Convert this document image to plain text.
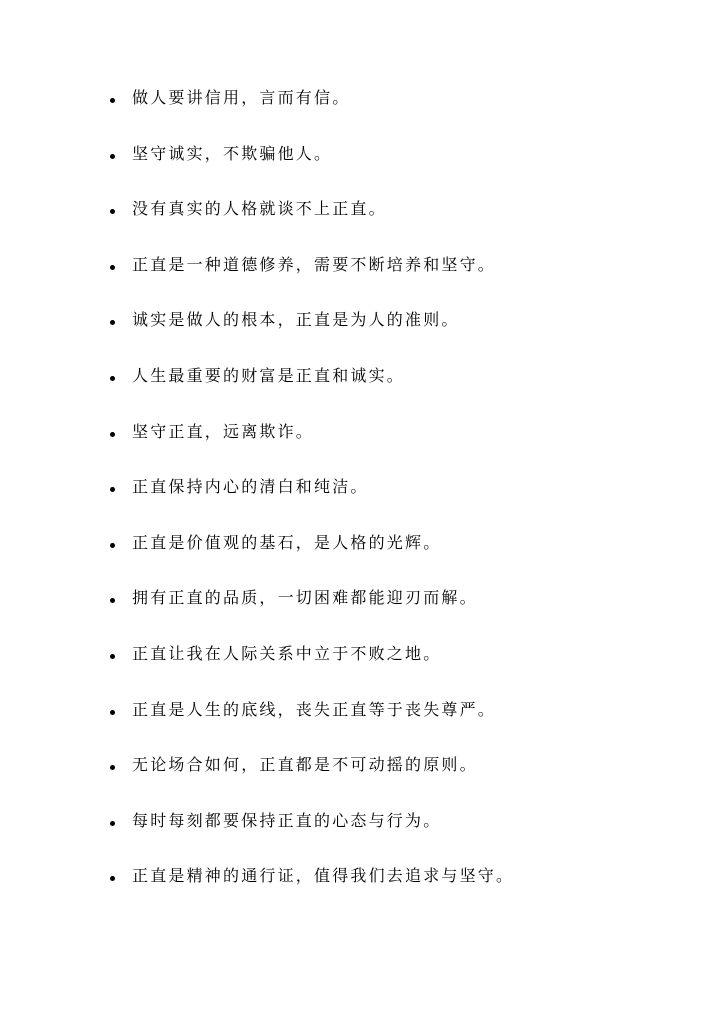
做人要讲信用，言而有信。
坚守诚实，不欺骗他人。
没有真实的人格就谈不上正直。
正直是一种道德修养，需要不断培养和坚守。
诚实是做人的根本，正直是为人的准则。
人生最重要的财富是正直和诚实。
坚守正直，远离欺诈。
正直保持内心的清白和纯洁。
正直是价值观的基石，是人格的光辉。
拥有正直的品质，一切困难都能迎刃而解。
正直让我在人际关系中立于不败之地。
正直是人生的底线，丧失正直等于丧失尊严。
无论场合如何，正直都是不可动摇的原则。
每时每刻都要保持正直的心态与行为。
正直是精神的通行证，值得我们去追求与坚守。
